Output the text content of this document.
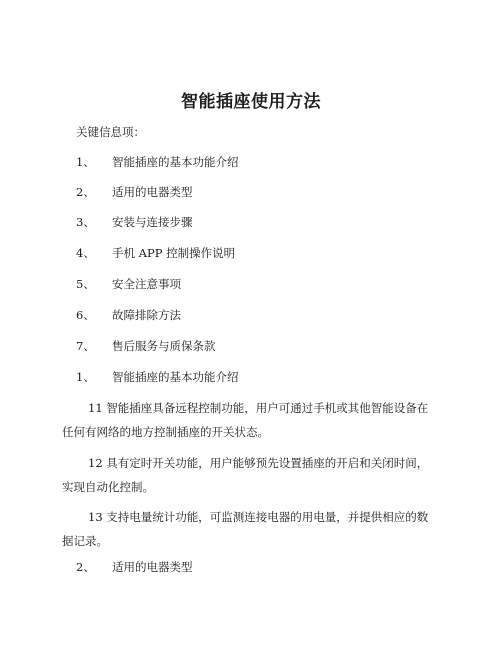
智能插座使用方法
关键信息项：
1、 智能插座的基本功能介绍
2、 适用的电器类型
3、 安装与连接步骤
4、 手机 APP 控制操作说明
5、 安全注意事项
6、 故障排除方法
7、 售后服务与质保条款
1、 智能插座的基本功能介绍
11 智能插座具备远程控制功能，用户可通过手机或其他智能设备在任何有网络的地方控制插座的开关状态。
12 具有定时开关功能，用户能够预先设置插座的开启和关闭时间，实现自动化控制。
13 支持电量统计功能，可监测连接电器的用电量，并提供相应的数据记录。
2、 适用的电器类型
